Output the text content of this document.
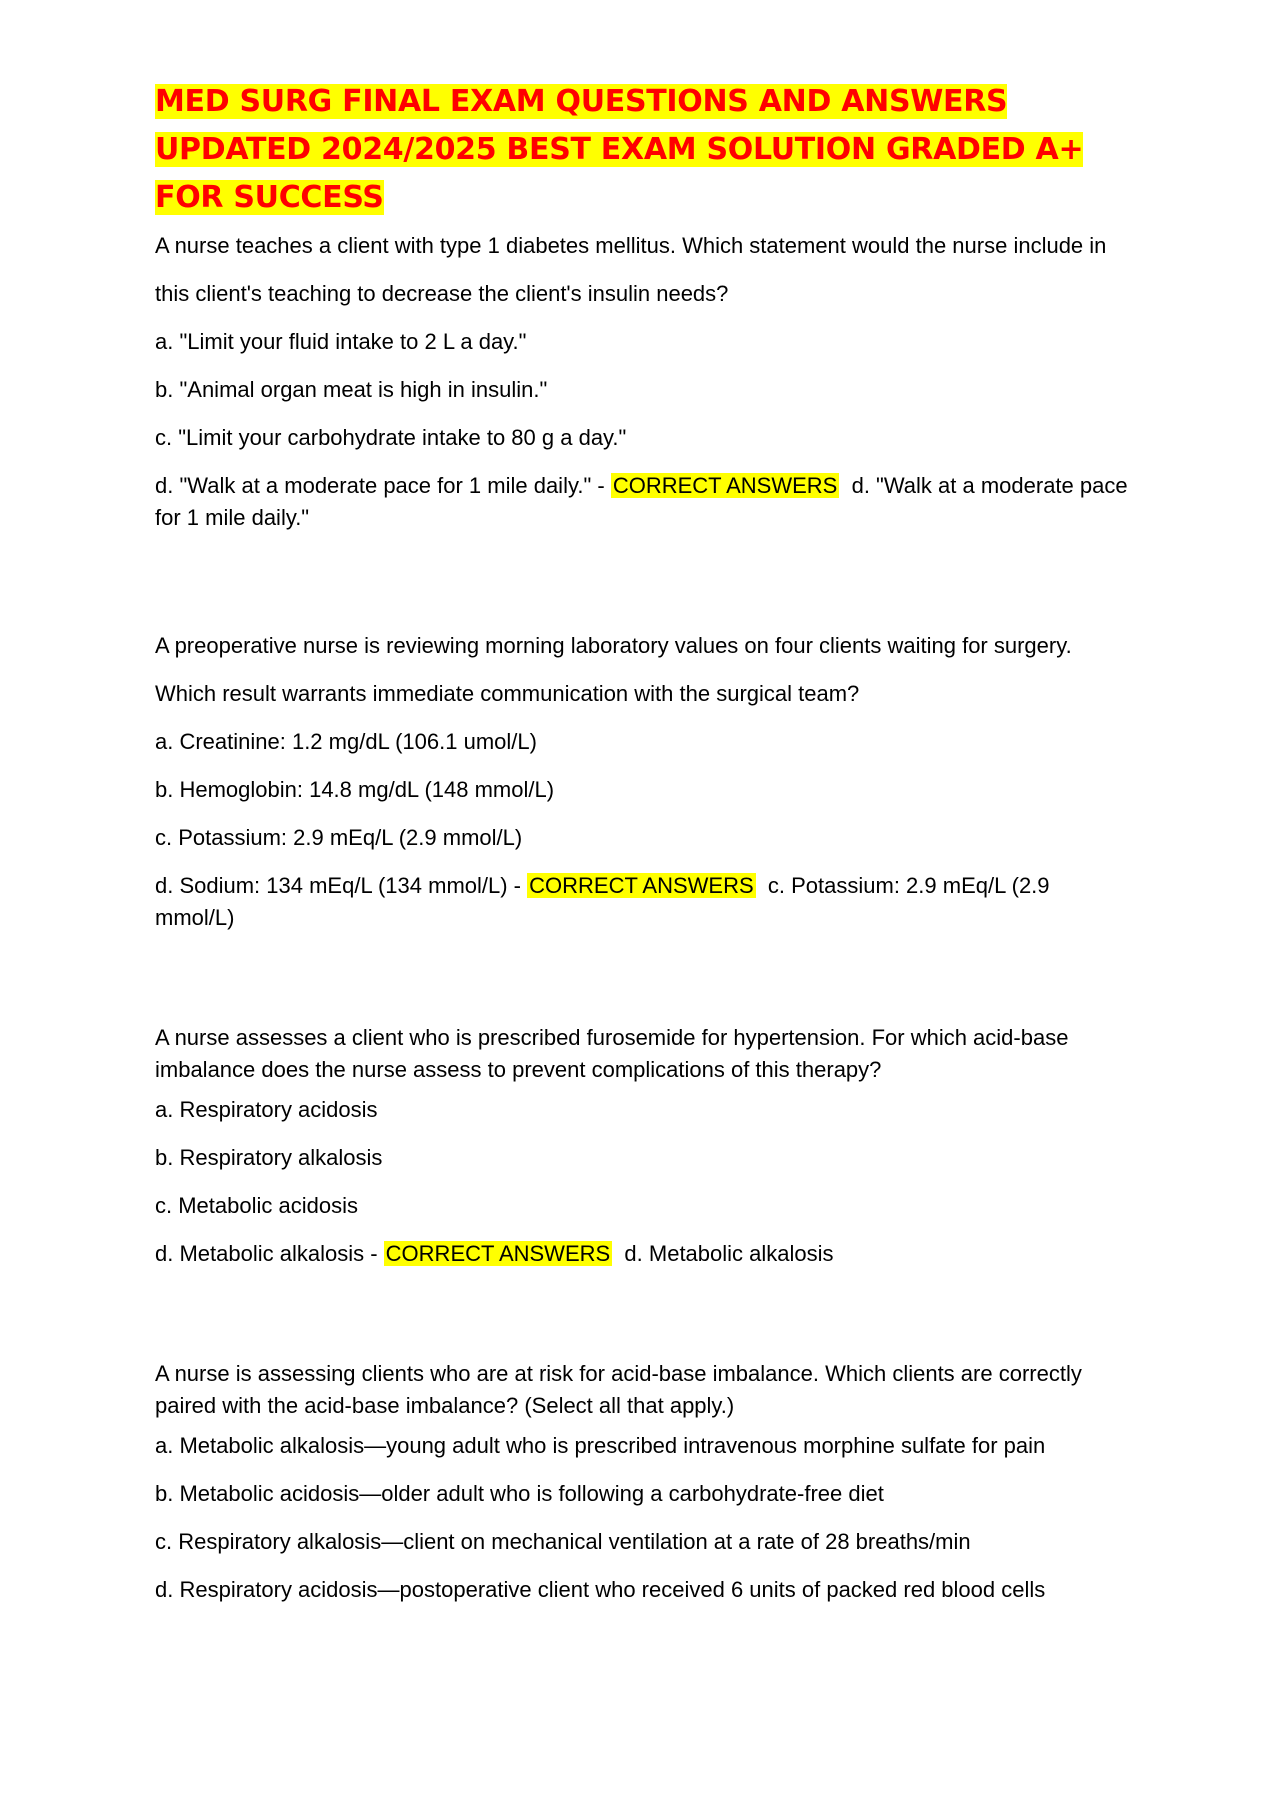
MED SURG FINAL EXAM QUESTIONS AND ANSWERS UPDATED 2024/2025 BEST EXAM SOLUTION GRADED A+ FOR SUCCESS

A nurse teaches a client with type 1 diabetes mellitus. Which statement would the nurse include in this client's teaching to decrease the client's insulin needs?

a. "Limit your fluid intake to 2 L a day."

b. "Animal organ meat is high in insulin."

c. "Limit your carbohydrate intake to 80 g a day."

d. "Walk at a moderate pace for 1 mile daily." - CORRECT ANSWERS d. "Walk at a moderate pace for 1 mile daily."

A preoperative nurse is reviewing morning laboratory values on four clients waiting for surgery. Which result warrants immediate communication with the surgical team?

a. Creatinine: 1.2 mg/dL (106.1 umol/L)

b. Hemoglobin: 14.8 mg/dL (148 mmol/L)

c. Potassium: 2.9 mEq/L (2.9 mmol/L)

d. Sodium: 134 mEq/L (134 mmol/L) - CORRECT ANSWERS c. Potassium: 2.9 mEq/L (2.9 mmol/L)

A nurse assesses a client who is prescribed furosemide for hypertension. For which acid-base imbalance does the nurse assess to prevent complications of this therapy?

a. Respiratory acidosis

b. Respiratory alkalosis

c. Metabolic acidosis

d. Metabolic alkalosis - CORRECT ANSWERS d. Metabolic alkalosis

A nurse is assessing clients who are at risk for acid-base imbalance. Which clients are correctly paired with the acid-base imbalance? (Select all that apply.)

a. Metabolic alkalosis—young adult who is prescribed intravenous morphine sulfate for pain

b. Metabolic acidosis—older adult who is following a carbohydrate-free diet

c. Respiratory alkalosis—client on mechanical ventilation at a rate of 28 breaths/min

d. Respiratory acidosis—postoperative client who received 6 units of packed red blood cells
